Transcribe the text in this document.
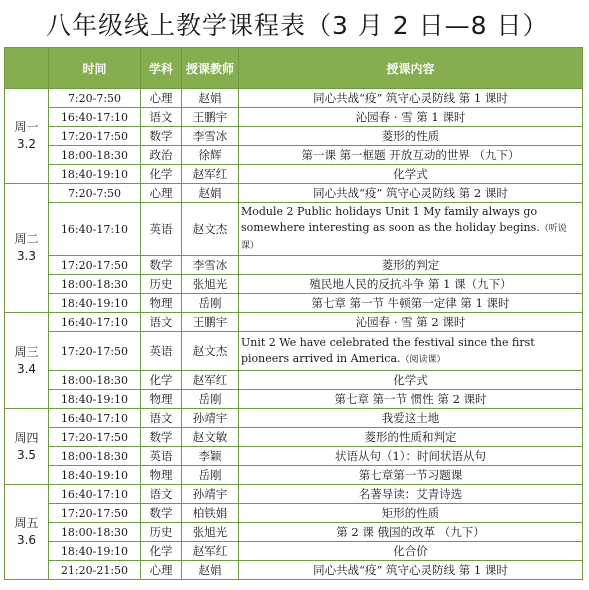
八年级线上教学课程表（3 月 2 日—8 日）
	时间	学科	授课教师	授课内容

周一
3.2	7:20-7:50	心理	赵娟	同心共战“疫” 筑守心灵防线 第 1 课时
	16:40-17:10	语文	王鹏宇	沁园春 · 雪 第 1 课时
	17:20-17:50	数学	李雪冰	菱形的性质
	18:00-18:30	政治	徐辉	第一课 第一框题 开放互动的世界 （九下）
	18:40-19:10	化学	赵军红	化学式

周二
3.3	7:20-7:50	心理	赵娟	同心共战“疫” 筑守心灵防线 第 2 课时
	16:40-17:10	英语	赵文杰	Module 2 Public holidays Unit 1 My family always go somewhere interesting as soon as the holiday begins.（听说课）
	17:20-17:50	数学	李雪冰	菱形的判定
	18:00-18:30	历史	张旭光	殖民地人民的反抗斗争 第 1 课（九下）
	18:40-19:10	物理	岳刚	第七章 第一节 牛顿第一定律 第 1 课时

周三
3.4	16:40-17:10	语文	王鹏宇	沁园春 · 雪 第 2 课时
	17:20-17:50	英语	赵文杰	Unit 2 We have celebrated the festival since the first pioneers arrived in America.（阅读课）
	18:00-18:30	化学	赵军红	化学式
	18:40-19:10	物理	岳刚	第七章 第一节 惯性 第 2 课时

周四
3.5	16:40-17:10	语文	孙靖宇	我爱这土地
	17:20-17:50	数学	赵文敏	菱形的性质和判定
	18:00-18:30	英语	李颖	状语从句（1）：时间状语从句
	18:40-19:10	物理	岳刚	第七章第一节习题课

周五
3.6	16:40-17:10	语文	孙靖宇	名著导读：艾青诗选
	17:20-17:50	数学	柏铁娟	矩形的性质
	18:00-18:30	历史	张旭光	第 2 课 俄国的改革 （九下）
	18:40-19:10	化学	赵军红	化合价
	21:20-21:50	心理	赵娟	同心共战“疫” 筑守心灵防线 第 1 课时
